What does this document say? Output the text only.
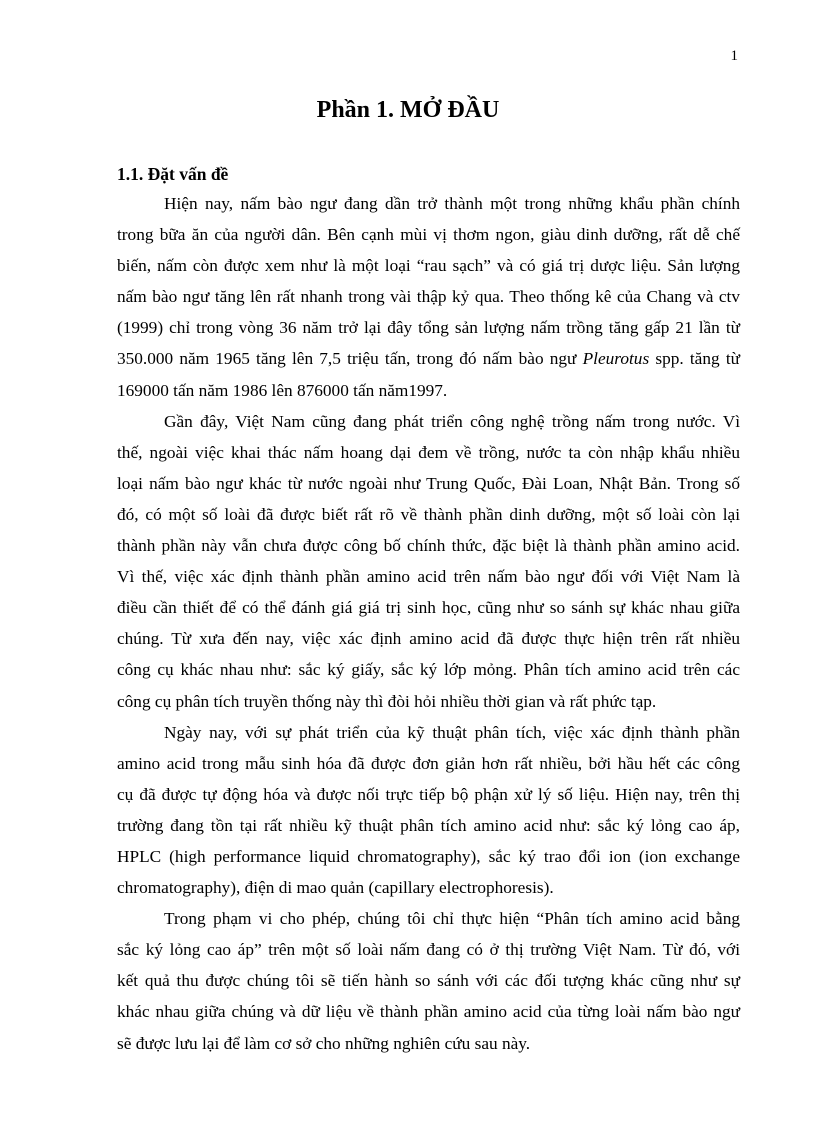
1
Phần 1. MỞ ĐẦU
1.1. Đặt vấn đề

Hiện nay, nấm bào ngư đang dần trở thành một trong những khẩu phần chính
trong bữa ăn của người dân. Bên cạnh mùi vị thơm ngon, giàu dinh dưỡng, rất dễ chế
biến, nấm còn được xem như là một loại “rau sạch” và có giá trị dược liệu. Sản lượng
nấm bào ngư tăng lên rất nhanh trong vài thập kỷ qua. Theo thống kê của Chang và ctv
(1999) chỉ trong vòng 36 năm trở lại đây tổng sản lượng nấm trồng tăng gấp 21 lần từ
350.000 năm 1965 tăng lên 7,5 triệu tấn, trong đó nấm bào ngư Pleurotus spp. tăng từ
169000 tấn năm 1986 lên 876000 tấn năm1997.

Gần đây, Việt Nam cũng đang phát triển công nghệ trồng nấm trong nước. Vì
thế, ngoài việc khai thác nấm hoang dại đem về trồng, nước ta còn nhập khẩu nhiều
loại nấm bào ngư khác từ nước ngoài như Trung Quốc, Đài Loan, Nhật Bản. Trong số
đó, có một số loài đã được biết rất rõ về thành phần dinh dưỡng, một số loài còn lại
thành phần này vẫn chưa được công bố chính thức, đặc biệt là thành phần amino acid.
Vì thế, việc xác định thành phần amino acid trên nấm bào ngư đối với Việt Nam là
điều cần thiết để có thể đánh giá giá trị sinh học, cũng như so sánh sự khác nhau giữa
chúng. Từ xưa đến nay, việc xác định amino acid đã được thực hiện trên rất nhiều
công cụ khác nhau như: sắc ký giấy, sắc ký lớp mỏng. Phân tích amino acid trên các
công cụ phân tích truyền thống này thì đòi hỏi nhiều thời gian và rất phức tạp.

Ngày nay, với sự phát triển của kỹ thuật phân tích, việc xác định thành phần
amino acid trong mẫu sinh hóa đã được đơn giản hơn rất nhiều, bởi hầu hết các công
cụ đã được tự động hóa và được nối trực tiếp bộ phận xử lý số liệu. Hiện nay, trên thị
trường đang tồn tại rất nhiều kỹ thuật phân tích amino acid như: sắc ký lỏng cao áp,
HPLC (high performance liquid chromatography), sắc ký trao đổi ion (ion exchange
chromatography), điện di mao quản (capillary electrophoresis).

Trong phạm vi cho phép, chúng tôi chỉ thực hiện “Phân tích amino acid bằng
sắc ký lỏng cao áp” trên một số loài nấm đang có ở thị trường Việt Nam. Từ đó, với
kết quả thu được chúng tôi sẽ tiến hành so sánh với các đối tượng khác cũng như sự
khác nhau giữa chúng và dữ liệu về thành phần amino acid của từng loài nấm bào ngư
sẽ được lưu lại để làm cơ sở cho những nghiên cứu sau này.
